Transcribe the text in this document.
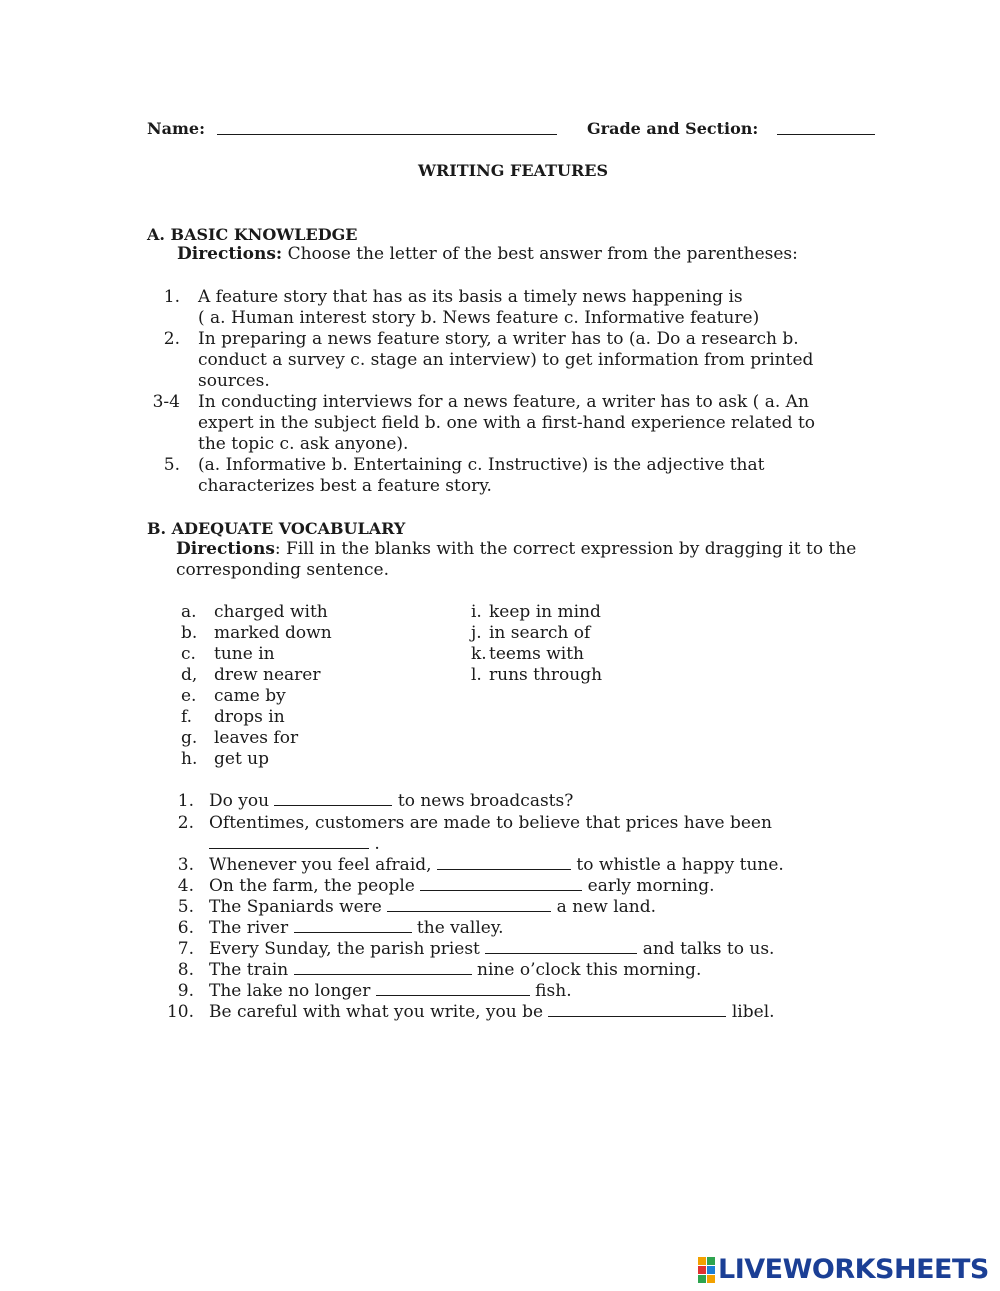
Name:	Grade and Section:
WRITING FEATURES
A. BASIC KNOWLEDGE
Directions: Choose the letter of the best answer from the parentheses:
1. A feature story that has as its basis a timely news happening is
( a. Human interest story b. News feature c. Informative feature)
2. In preparing a news feature story, a writer has to (a. Do a research b.
conduct a survey c. stage an interview) to get information from printed
sources.
3-4 In conducting interviews for a news feature, a writer has to ask ( a. An
expert in the subject field b. one with a first-hand experience related to
the topic c. ask anyone).
5. (a. Informative b. Entertaining c. Instructive) is the adjective that
characterizes best a feature story.
B. ADEQUATE VOCABULARY
Directions: Fill in the blanks with the correct expression by dragging it to the
corresponding sentence.
a. charged with
b. marked down
c. tune in
d, drew nearer
e. came by
f. drops in
g. leaves for
h. get up
i. keep in mind
j. in search of
k. teems with
l. runs through
1. Do you	to news broadcasts?
2. Oftentimes, customers are made to believe that prices have been
.
3. Whenever you feel afraid,	to whistle a happy tune.
4. On the farm, the people	early morning.
5. The Spaniards were	a new land.
6. The river	the valley.
7. Every Sunday, the parish priest	and talks to us.
8. The train	nine o’clock this morning.
9. The lake no longer	fish.
10. Be careful with what you write, you be	libel.
LIVEWORKSHEETS
